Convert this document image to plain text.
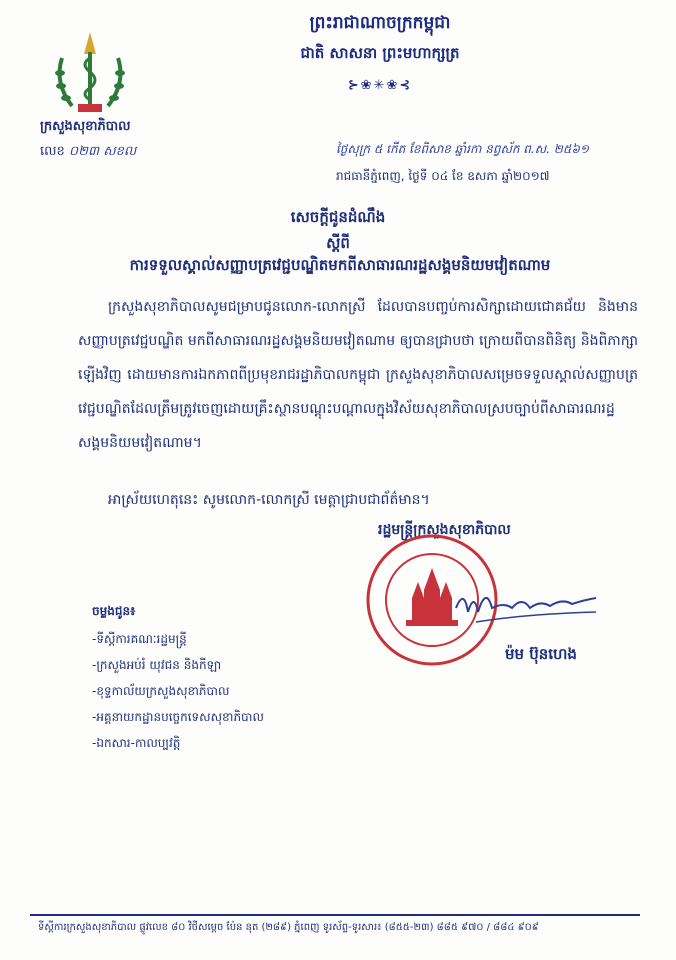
ព្រះរាជាណាចក្រកម្ពុជា
ជាតិ សាសនា ព្រះមហាក្សត្រ
⊱❀✳❀⊰
ក្រសួងសុខាភិបាល
លេខ ០២៣ សខល	ថ្ងៃសុក្រ ៥ កើត ខែពិសាខ ឆ្នាំរកា នព្វស័ក ព.ស. ២៥៦១
រាជធានីភ្នំពេញ, ថ្ងៃទី ០៤ ខែ ឧសភា ឆ្នាំ២០១៧
សេចក្តីជូនដំណឹង
ស្តីពី
ការទទួលស្គាល់សញ្ញាបត្រវេជ្ជបណ្ឌិតមកពីសាធារណរដ្ឋសង្គមនិយមវៀតណាម
ក្រសួងសុខាភិបាលសូមជម្រាបជូនលោក-លោកស្រី ដែលបានបញ្ចប់ការសិក្សាដោយជោគជ័យ និងមានសញ្ញាបត្រវេជ្ជបណ្ឌិត មកពីសាធារណរដ្ឋសង្គមនិយមវៀតណាម ឲ្យបានជ្រាបថា ក្រោយពីបានពិនិត្យ និងពិភាក្សាឡើងវិញ ដោយមានការឯកភាពពីប្រមុខរាជរដ្ឋាភិបាលកម្ពុជា ក្រសួងសុខាភិបាលសម្រេចទទួលស្គាល់សញ្ញាបត្រវេជ្ជបណ្ឌិតដែលត្រឹមត្រូវចេញដោយគ្រឹះស្ថានបណ្តុះបណ្តាលក្នុងវិស័យសុខាភិបាលស្របច្បាប់ពីសាធារណរដ្ឋសង្គមនិយមវៀតណាម។
អាស្រ័យហេតុនេះ សូមលោក-លោកស្រី មេត្តាជ្រាបជាព័ត៌មាន។
រដ្ឋមន្ត្រីក្រសួងសុខាភិបាល
ម៉ម ប៊ុនហេង
ចម្លងជូន៖
-ទីស្តីការគណៈរដ្ឋមន្ត្រី
-ក្រសួងអប់រំ យុវជន និងកីឡា
-ខុទ្ទកាល័យក្រសួងសុខាភិបាល
-អគ្គនាយកដ្ឋានបច្ចេកទេសសុខាភិបាល
-ឯកសារ-កាលប្បវត្តិ
ទីស្តីការក្រសួងសុខាភិបាល ផ្លូវលេខ ៨០ វិថីសម្តេច ប៉ែន នុត (២៨៩) ភ្នំពេញ ទូរស័ព្ទ-ទូរសារ៖ (៨៥៥-២៣) ៨៨៥ ៩៧០ / ៨៨៤ ៩០៩
